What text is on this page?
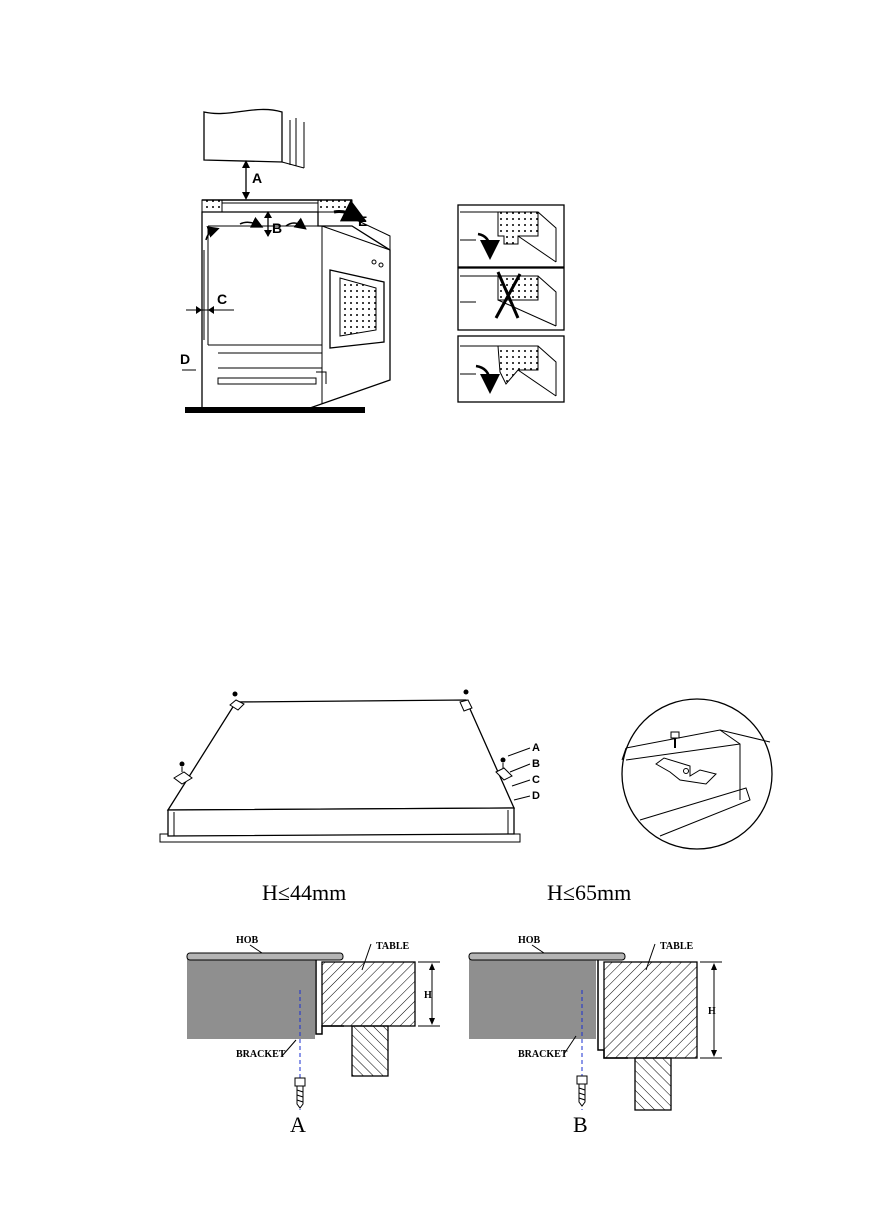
A
B
C
D
E
A
B
C
D
H≤44mm	H≤65mm
HOB
TABLE
BRACKET
H
A
HOB
TABLE
BRACKET
H
B
